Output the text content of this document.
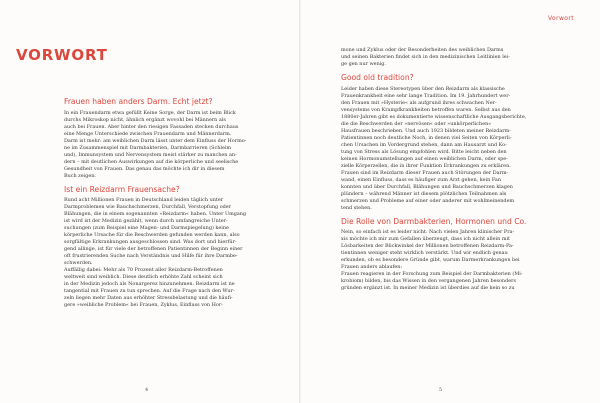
VORWORT
Frauen haben anders Darm. Echt jetzt?
In ein Frauendarm etwa gefüllt Keine Sorge, der Darm ist beim Blick
durchs Mikroskop nicht, ähnlich ergänzt wovohl bei Männern als
auch bei Frauen. Aber hinter den riesigen Fassaden stecken durchaus
eine Menge Unterschiede zwischen Frauendarm und Männerdarm.
Darm ist mehr: am weiblichen Darm lässt unter dem Einfluss der Hormo-
ne im Zusammenspiel mit Darmbakterien, Darmbarrieren (Schleim
und), Immunsystem und Nervensystem meist stärker zu manchen an-
dern – mit deutlichen Auswirkungen auf die körperliche und seelische
Gesundheit von Frauen. Das genau das möchte ich dir in diesem
Buch zeigen.
Ist ein Reizdarm Frauensache?
Rund acht Millionen Frauen in Deutschland leiden täglich unter
Darmproblemen wie Bauchschmerzen, Durchfall, Verstopfung oder
Blähungen, die in einem sogenannten »Reizdarm« haben. Unter Umgang
ist wird ist der Medizin gezählt, wenn durch umfangreiche Unter-
suchungen (zum Beispiel eine Magen- und Darmspiegelung) keine
körperliche Ursache für die Beschwerden gefunden werden kann, also
sorgfältige Erkrankungen ausgeschlossen sind. Was dort und hierfür-
gend allinge, ist für viele der betroffenen Patientinnen der Beginn einer
oft frustrierenden Suche nach Verständnis und Hilfe für ihre Darmbe-
schwerden.
Auffällig dabei: Mehr als 70 Prozent aller Reizdarm-Betroffenen
weltweit sind weiblich. Diese deutlich erhöhte Zahl scheint sich
in der Medizin jedoch als Nonargerez hinzunehmen. Reizdarm ist ne
tangential mit Frauen zu tun sprechen. Auf die Frage nach den Wur-
zeln liegen mehr Daten aus erhöhter Stressbelastung und die häufi-
gere »weibliche Problem« bei Frauen, Zyklus, Einfluss von Hor-
4
Vorwort
mone und Zyklus oder der Besonderheiten des weiblichen Darms
und seinen Bakterien findet sich in den medizinischen Leitlinien lei-
ge gen nur wenig.
Good old tradition?
Leider haben diese Stereotypen über den Reizdarm als klassische
Frauenkrankheit eine sehr lange Tradition. Im 19. Jahrhundert wer-
den Frauen mit »Hysterie« als aufgrund ihres schwachen Ner-
vensystems von Krampfkrankheiten betroffen waren. Selbst aus den
1880er-Jahren gibt es dokumentierte wissenschaftliche Ausgangsberichte,
die die Beschwerden der »nervösen« oder »unkörperlichen«
Hausfrauen beschrieben. Und auch 1923 bildeten meiner Reizdarm-
Patientinnen noch deutliche Noch, in denen viel Seiten von Körperli-
chen Ursachen im Vordergrund stehen, dann am Hausarzt und Ko-
tung von Stress als Lösung empfohlen wird. Bitte leicht neben den
keinen Hormonumstellungen auf einen weiblichen Darm, oder spe-
zielle Körperzellen, die in ihrer Funktion Erkrankungen zu erklären.
Frauen sind im Reizdarm dieser Frauen auch Störungen der Darm-
wand, einen Einfluss, dass es häufiger zum Arzt gehen, kein Fan
konnten und über Durchfall, Blähungen und Bauchschmerzen klagen
plündern – während Männer ist diesem plötzlichen Teilnahmen als
schmerzen und Probleme auf einer oder anderer mit wohlmeinendem
tend stehen.
Die Rolle von Darmbakterien, Hormonen und Co.
Nein, so einfach ist es leider nicht. Nach vielen Jahren klinischer Pra-
xis möchte ich mir zum Gefallen überzeugt, dass ich nicht allein mit
Lösbarkeiten der Blickwinkel der Millionen betroffenen Reizdarm-Pa-
tientinnen weniger steht wirklich verstärkt. Und wir endlich genau
erkunden, ob es besondere Gründe gibt, warum Darmerkrankungen bei
Frauen anders ablaufen:
■ Frauen reagieren in der Forschung zum Beispiel der Darmbakterien (Mi-
■ krobiom) bilden, bis das Wissen in den vergangenen Jahren besonders
■ gründen ergänzt ist. In meiner Medizin ist überdies auf die kein so zu
5
